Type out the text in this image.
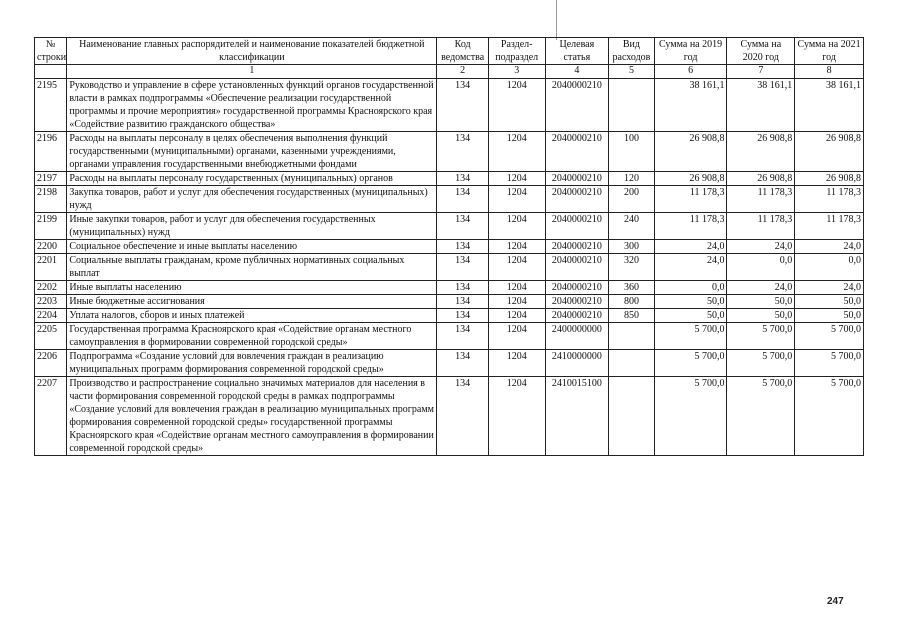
№ строки	Наименование главных распорядителей и наименование показателей бюджетной классификации	Код ведомства	Раздел-подраздел	Целевая статья	Вид расходов	Сумма на 2019 год	Сумма на 2020 год	Сумма на 2021 год
	1	2	3	4	5	6	7	8
2195	Руководство и управление в сфере установленных функций органов государственной власти в рамках подпрограммы «Обеспечение реализации государственной программы и прочие мероприятия» государственной программы Красноярского края «Содействие развитию гражданского общества»	134	1204	2040000210		38 161,1	38 161,1	38 161,1
2196	Расходы на выплаты персоналу в целях обеспечения выполнения функций государственными (муниципальными) органами, казенными учреждениями, органами управления государственными внебюджетными фондами	134	1204	2040000210	100	26 908,8	26 908,8	26 908,8
2197	Расходы на выплаты персоналу государственных (муниципальных) органов	134	1204	2040000210	120	26 908,8	26 908,8	26 908,8
2198	Закупка товаров, работ и услуг для обеспечения государственных (муниципальных) нужд	134	1204	2040000210	200	11 178,3	11 178,3	11 178,3
2199	Иные закупки товаров, работ и услуг для обеспечения государственных (муниципальных) нужд	134	1204	2040000210	240	11 178,3	11 178,3	11 178,3
2200	Социальное обеспечение и иные выплаты населению	134	1204	2040000210	300	24,0	24,0	24,0
2201	Социальные выплаты гражданам, кроме публичных нормативных социальных выплат	134	1204	2040000210	320	24,0	0,0	0,0
2202	Иные выплаты населению	134	1204	2040000210	360	0,0	24,0	24,0
2203	Иные бюджетные ассигнования	134	1204	2040000210	800	50,0	50,0	50,0
2204	Уплата налогов, сборов и иных платежей	134	1204	2040000210	850	50,0	50,0	50,0
2205	Государственная программа Красноярского края «Содействие органам местного самоуправления в формировании современной городской среды»	134	1204	2400000000		5 700,0	5 700,0	5 700,0
2206	Подпрограмма «Создание условий для вовлечения граждан в реализацию муниципальных программ формирования современной городской среды»	134	1204	2410000000		5 700,0	5 700,0	5 700,0
2207	Производство и распространение социально значимых материалов для населения в части формирования современной городской среды в рамках подпрограммы «Создание условий для вовлечения граждан в реализацию муниципальных программ формирования современной городской среды» государственной программы Красноярского края «Содействие органам местного самоуправления в формировании современной городской среды»	134	1204	2410015100		5 700,0	5 700,0	5 700,0
247
